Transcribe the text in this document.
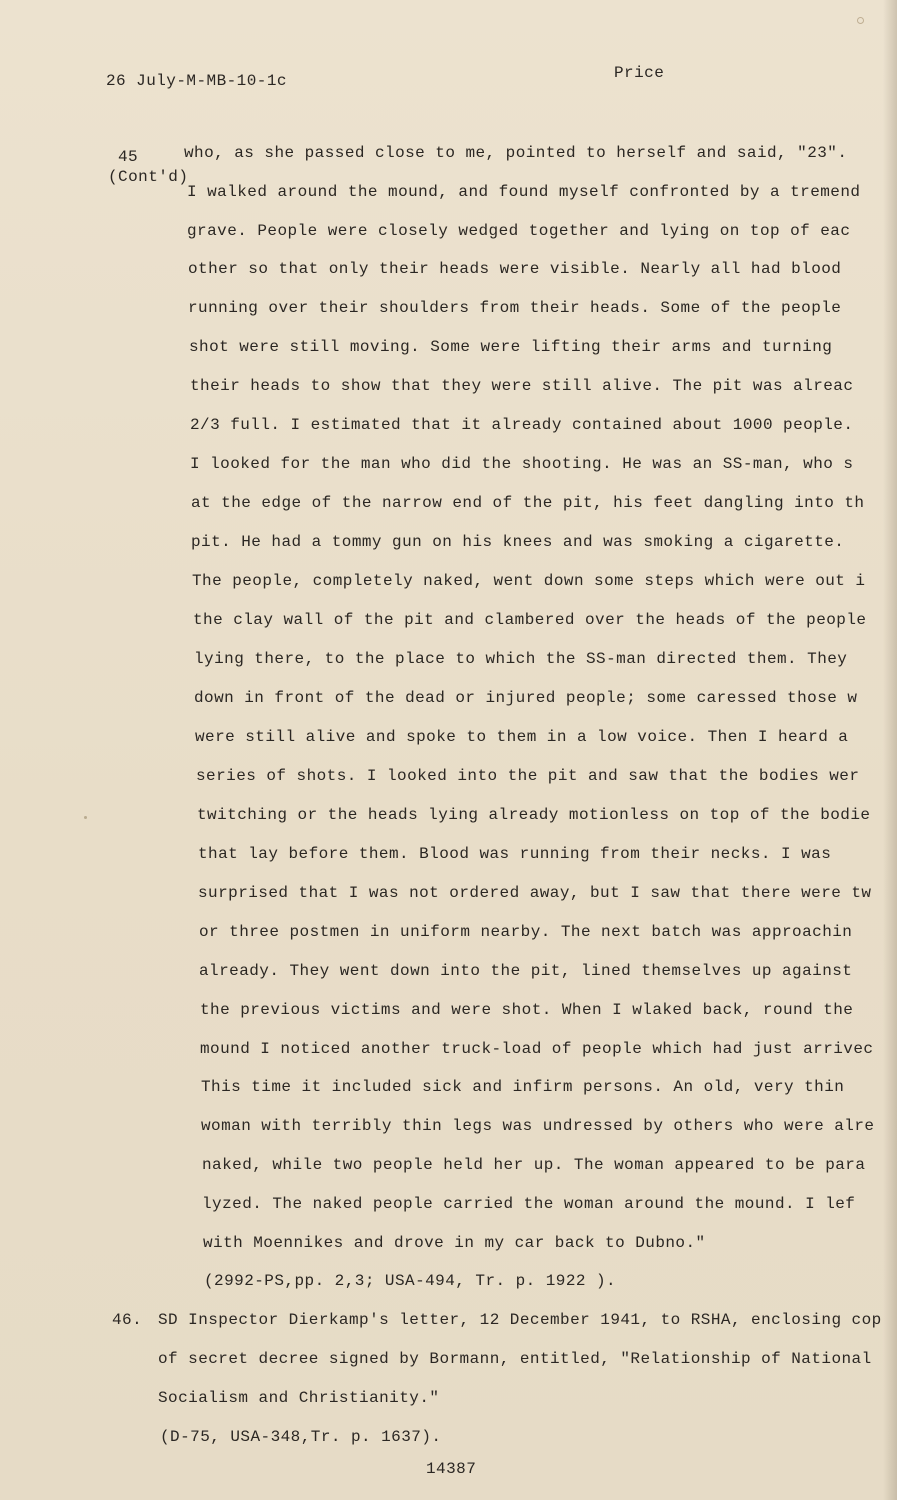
26 July-M-MB-10-1c	Price
45
(Cont'd)
who, as she passed close to me, pointed to herself and said, "23".
I walked around the mound, and found myself confronted by a tremend
grave. People were closely wedged together and lying on top of eac
other so that only their heads were visible. Nearly all had blood
running over their shoulders from their heads. Some of the people
shot were still moving. Some were lifting their arms and turning
their heads to show that they were still alive. The pit was alreac
2/3 full. I estimated that it already contained about 1000 people.
I looked for the man who did the shooting. He was an SS-man, who s
at the edge of the narrow end of the pit, his feet dangling into th
pit. He had a tommy gun on his knees and was smoking a cigarette.
The people, completely naked, went down some steps which were out i
the clay wall of the pit and clambered over the heads of the people
lying there, to the place to which the SS-man directed them. They
down in front of the dead or injured people; some caressed those w
were still alive and spoke to them in a low voice. Then I heard a
series of shots. I looked into the pit and saw that the bodies wer
twitching or the heads lying already motionless on top of the bodie
that lay before them. Blood was running from their necks. I was
surprised that I was not ordered away, but I saw that there were tw
or three postmen in uniform nearby. The next batch was approachin
already. They went down into the pit, lined themselves up against
the previous victims and were shot. When I wlaked back, round the
mound I noticed another truck-load of people which had just arrivec
This time it included sick and infirm persons. An old, very thin
woman with terribly thin legs was undressed by others who were alre
naked, while two people held her up. The woman appeared to be para
lyzed. The naked people carried the woman around the mound. I lef
with Moennikes and drove in my car back to Dubno."
(2992-PS,pp. 2,3; USA-494, Tr. p. 1922 ).
46. SD Inspector Dierkamp's letter, 12 December 1941, to RSHA, enclosing cop
of secret decree signed by Bormann, entitled, "Relationship of National
Socialism and Christianity."
(D-75, USA-348,Tr. p. 1637).
14387
